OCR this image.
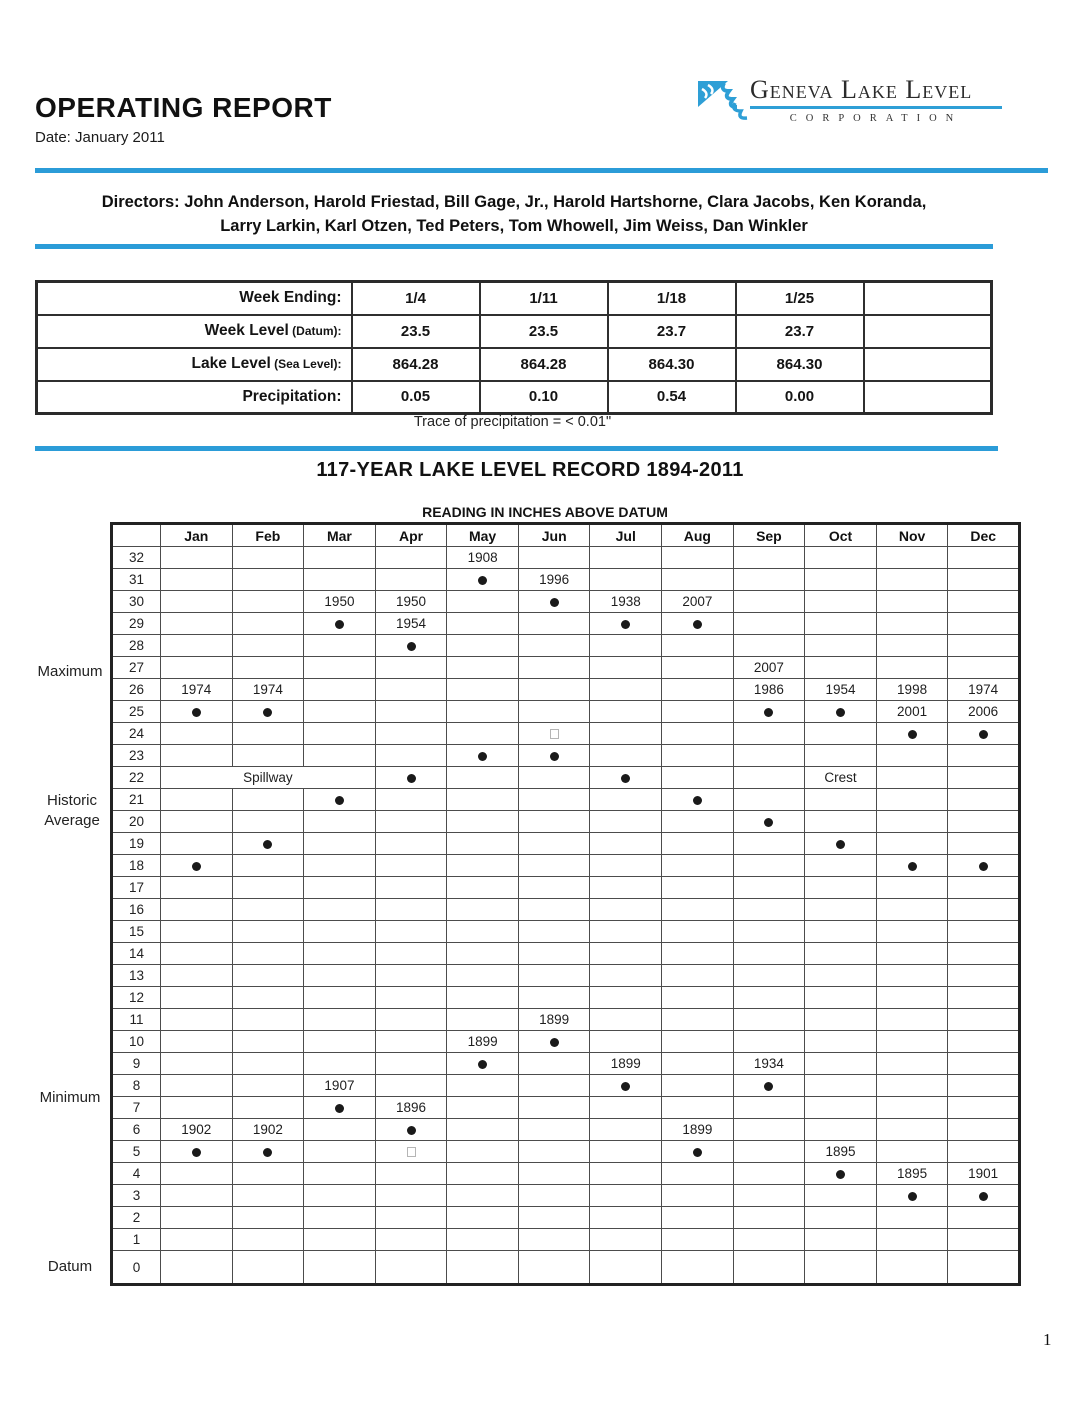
OPERATING REPORT
Date: January 2011
Geneva Lake Level
CORPORATION
Directors: John Anderson, Harold Friestad, Bill Gage, Jr., Harold Hartshorne, Clara Jacobs, Ken Koranda,
Larry Larkin, Karl Otzen, Ted Peters, Tom Whowell, Jim Weiss, Dan Winkler
Week Ending:	1/4	1/11	1/18	1/25	
Week Level (Datum):	23.5	23.5	23.7	23.7	
Lake Level (Sea Level):	864.28	864.28	864.30	864.30	
Precipitation:	0.05	0.10	0.54	0.00	
Trace of precipitation = < 0.01"
117-YEAR LAKE LEVEL RECORD 1894-2011
READING IN INCHES ABOVE DATUM
Maximum
Historic Average
Minimum
Datum
	Jan	Feb	Mar	Apr	May	Jun	Jul	Aug	Sep	Oct	Nov	Dec
32					1908							
31						1996						
30			1950	1950			1938	2007				
29				1954								
28												
27									2007			
26	1974	1974							1986	1954	1998	1974
25											2001	2006
24												
23												
22	Spillway									Crest		
21												
20												
19												
18												
17												
16												
15												
14												
13												
12												
11						1899						
10					1899							
9							1899		1934			
8			1907									
7				1896								
6	1902	1902						1899				
5										1895		
4											1895	1901
3												
2												
1												
0												
1
